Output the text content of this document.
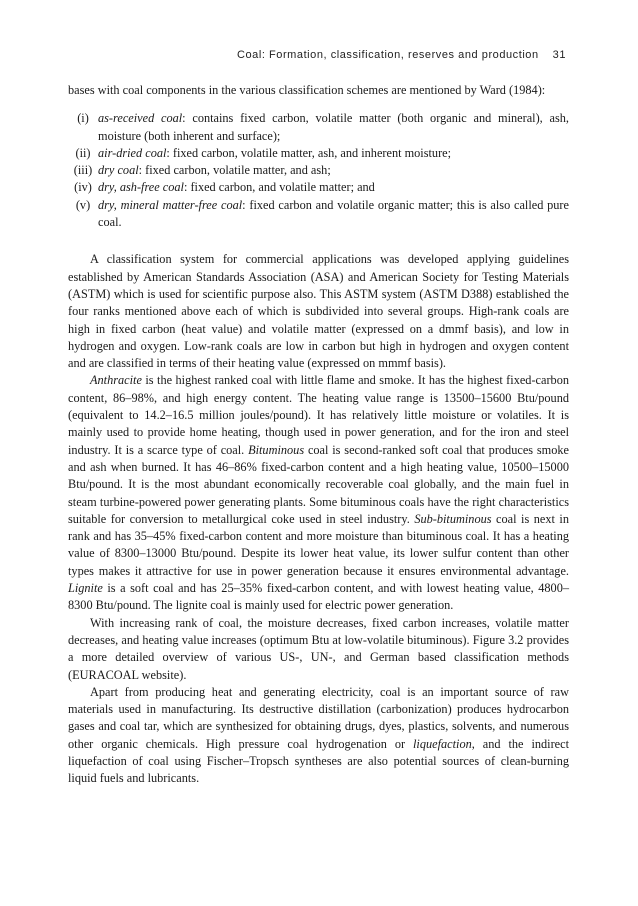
Coal: Formation, classification, reserves and production 31

bases with coal components in the various classification schemes are mentioned by Ward (1984):

(i) as-received coal: contains fixed carbon, volatile matter (both organic and mineral), ash, moisture (both inherent and surface);
(ii) air-dried coal: fixed carbon, volatile matter, ash, and inherent moisture;
(iii) dry coal: fixed carbon, volatile matter, and ash;
(iv) dry, ash-free coal: fixed carbon, and volatile matter; and
(v) dry, mineral matter-free coal: fixed carbon and volatile organic matter; this is also called pure coal.

A classification system for commercial applications was developed applying guidelines established by American Standards Association (ASA) and American Society for Testing Materials (ASTM) which is used for scientific purpose also. This ASTM system (ASTM D388) established the four ranks mentioned above each of which is subdivided into several groups. High-rank coals are high in fixed carbon (heat value) and volatile matter (expressed on a dmmf basis), and low in hydrogen and oxygen. Low-rank coals are low in carbon but high in hydrogen and oxygen content and are classified in terms of their heating value (expressed on mmmf basis).

Anthracite is the highest ranked coal with little flame and smoke. It has the highest fixed-carbon content, 86–98%, and high energy content. The heating value range is 13500–15600 Btu/pound (equivalent to 14.2–16.5 million joules/pound). It has relatively little moisture or volatiles. It is mainly used to provide home heating, though used in power generation, and for the iron and steel industry. It is a scarce type of coal. Bituminous coal is second-ranked soft coal that produces smoke and ash when burned. It has 46–86% fixed-carbon content and a high heating value, 10500–15000 Btu/pound. It is the most abundant economically recoverable coal globally, and the main fuel in steam turbine-powered power generating plants. Some bituminous coals have the right characteristics suitable for conversion to metallurgical coke used in steel industry. Sub-bituminous coal is next in rank and has 35–45% fixed-carbon content and more moisture than bituminous coal. It has a heating value of 8300–13000 Btu/pound. Despite its lower heat value, its lower sulfur content than other types makes it attractive for use in power generation because it ensures environmental advantage. Lignite is a soft coal and has 25–35% fixed-carbon content, and with lowest heating value, 4800–8300 Btu/pound. The lignite coal is mainly used for electric power generation.

With increasing rank of coal, the moisture decreases, fixed carbon increases, volatile matter decreases, and heating value increases (optimum Btu at low-volatile bituminous). Figure 3.2 provides a more detailed overview of various US-, UN-, and German based classification methods (EURACOAL website).

Apart from producing heat and generating electricity, coal is an important source of raw materials used in manufacturing. Its destructive distillation (carbonization) produces hydrocarbon gases and coal tar, which are synthesized for obtaining drugs, dyes, plastics, solvents, and numerous other organic chemicals. High pressure coal hydrogenation or liquefaction, and the indirect liquefaction of coal using Fischer–Tropsch syntheses are also potential sources of clean-burning liquid fuels and lubricants.
